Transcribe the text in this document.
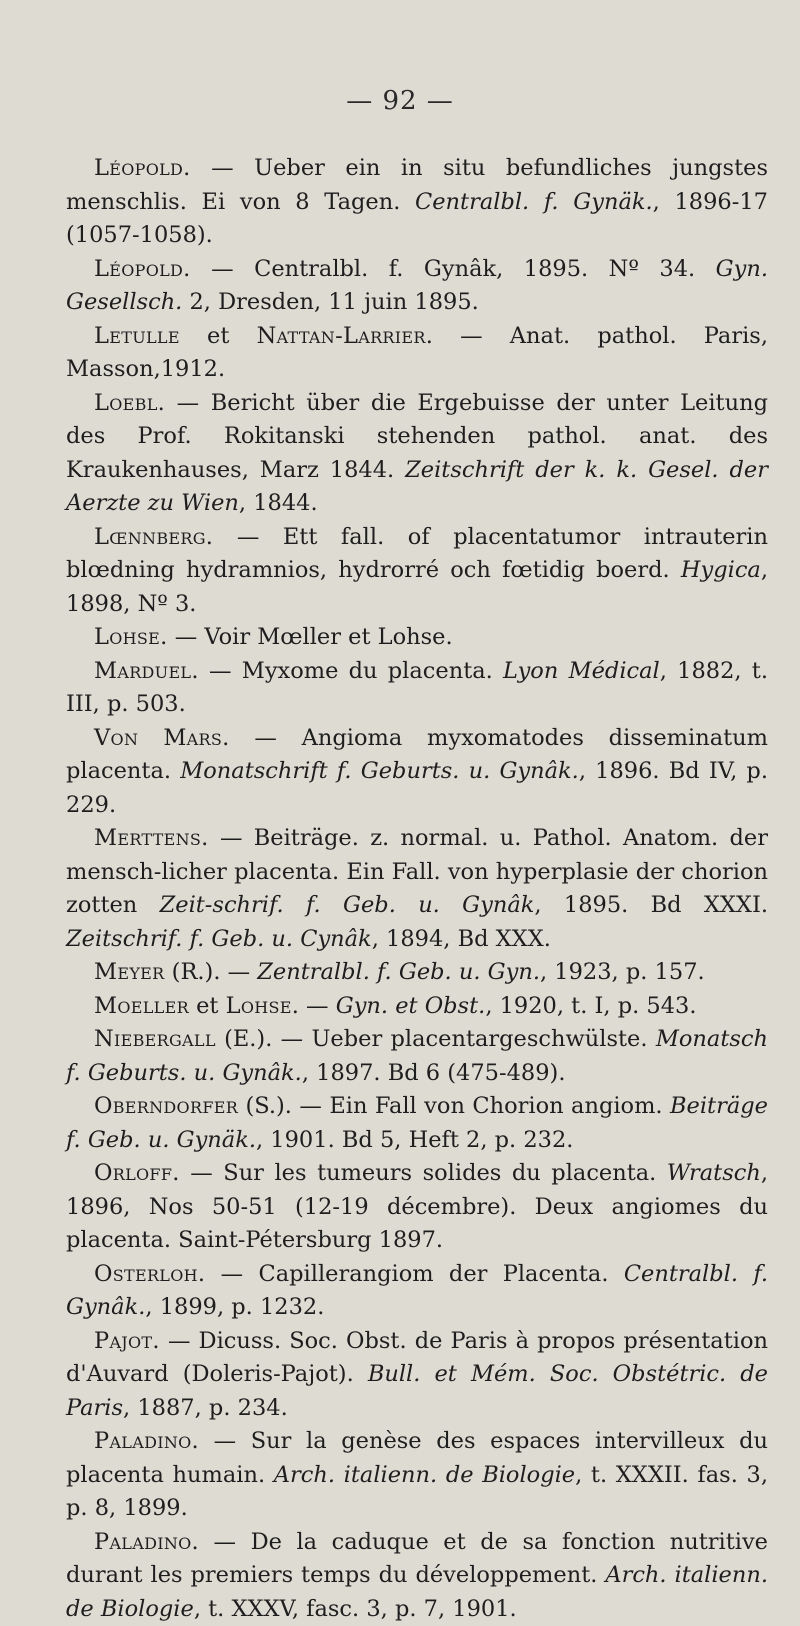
— 92 —

Léopold. — Ueber ein in situ befundliches jungstes menschlis. Ei von 8 Tagen. Centralbl. f. Gynäk., 1896-17 (1057-1058).

Léopold. — Centralbl. f. Gynâk, 1895. Nº 34. Gyn. Gesellsch. 2, Dresden, 11 juin 1895.

Letulle et Nattan-Larrier. — Anat. pathol. Paris, Masson,1912.

Loebl. — Bericht über die Ergebuisse der unter Leitung des Prof. Rokitanski stehenden pathol. anat. des Kraukenhauses, Marz 1844. Zeitschrift der k. k. Gesel. der Aerzte zu Wien, 1844.

Lœnnberg. — Ett fall. of placentatumor intrauterin blœdning hydramnios, hydrorré och fœtidig boerd. Hygica, 1898, Nº 3.

Lohse. — Voir Mœller et Lohse.

Marduel. — Myxome du placenta. Lyon Médical, 1882, t. III, p. 503.

Von Mars. — Angioma myxomatodes disseminatum placenta. Monatschrift f. Geburts. u. Gynâk., 1896. Bd IV, p. 229.

Merttens. — Beiträge. z. normal. u. Pathol. Anatom. der mensch-licher placenta. Ein Fall. von hyperplasie der chorion zotten Zeit-schrif. f. Geb. u. Gynâk, 1895. Bd XXXI. Zeitschrif. f. Geb. u. Cynâk, 1894, Bd XXX.

Meyer (R.). — Zentralbl. f. Geb. u. Gyn., 1923, p. 157.

Moeller et Lohse. — Gyn. et Obst., 1920, t. I, p. 543.

Niebergall (E.). — Ueber placentargeschwülste. Monatsch f. Geburts. u. Gynâk., 1897. Bd 6 (475-489).

Oberndorfer (S.). — Ein Fall von Chorion angiom. Beiträge f. Geb. u. Gynäk., 1901. Bd 5, Heft 2, p. 232.

Orloff. — Sur les tumeurs solides du placenta. Wratsch, 1896, Nos 50-51 (12-19 décembre). Deux angiomes du placenta. Saint-Pétersburg 1897.

Osterloh. — Capillerangiom der Placenta. Centralbl. f. Gynâk., 1899, p. 1232.

Pajot. — Dicuss. Soc. Obst. de Paris à propos présentation d'Auvard (Doleris-Pajot). Bull. et Mém. Soc. Obstétric. de Paris, 1887, p. 234.

Paladino. — Sur la genèse des espaces intervilleux du placenta humain. Arch. italienn. de Biologie, t. XXXII. fas. 3, p. 8, 1899.

Paladino. — De la caduque et de sa fonction nutritive durant les premiers temps du développement. Arch. italienn. de Biologie, t. XXXV, fasc. 3, p. 7, 1901.
